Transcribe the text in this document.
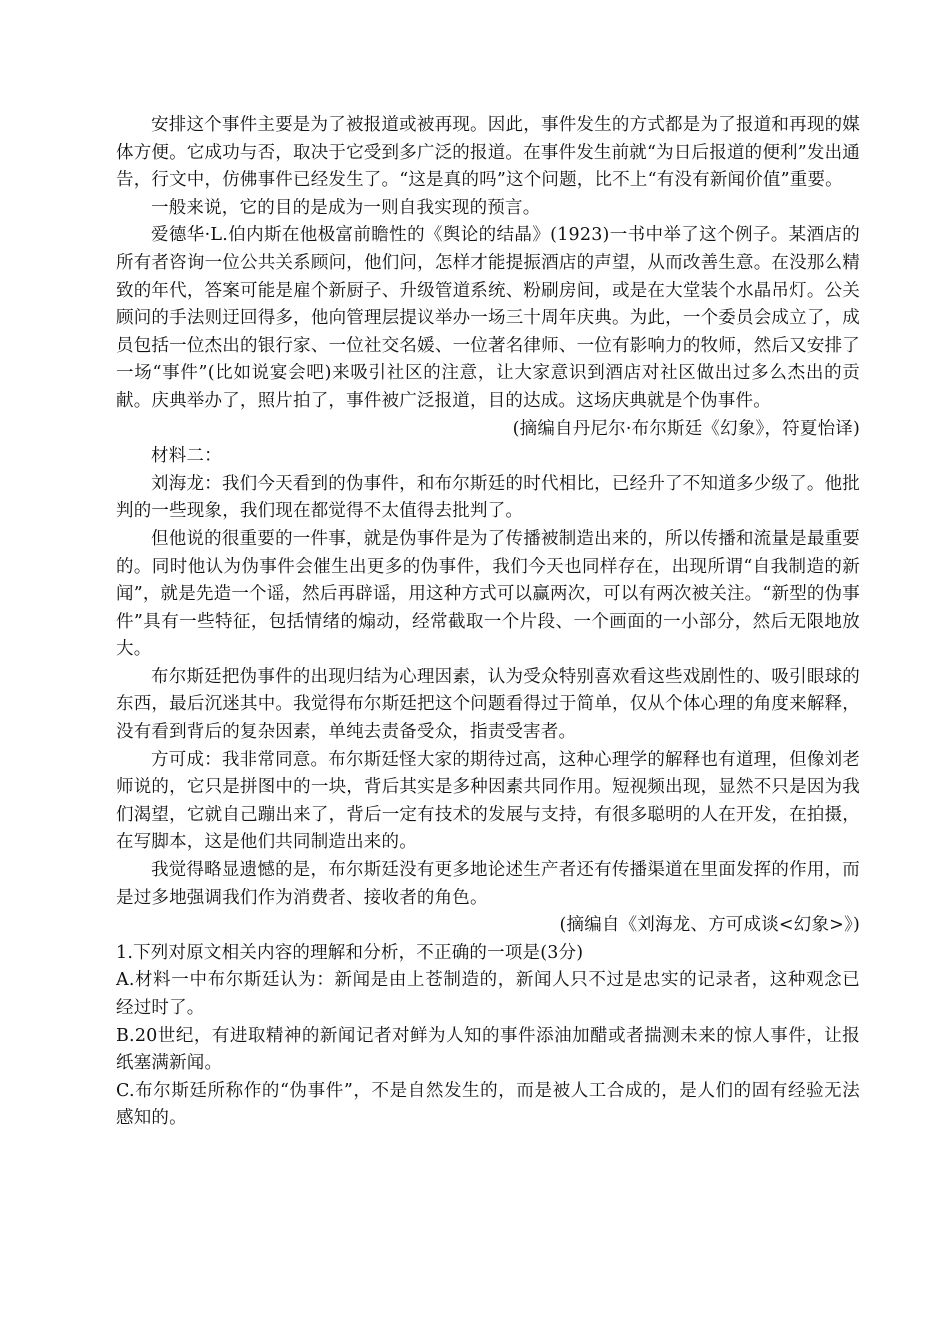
安排这个事件主要是为了被报道或被再现。因此，事件发生的方式都是为了报道和再现的媒体方便。它成功与否，取决于它受到多广泛的报道。在事件发生前就“为日后报道的便利”发出通告，行文中，仿佛事件已经发生了。“这是真的吗”这个问题，比不上“有没有新闻价值”重要。

一般来说，它的目的是成为一则自我实现的预言。

爱德华·L.伯内斯在他极富前瞻性的《舆论的结晶》(1923)一书中举了这个例子。某酒店的所有者咨询一位公共关系顾问，他们问，怎样才能提振酒店的声望，从而改善生意。在没那么精致的年代，答案可能是雇个新厨子、升级管道系统、粉刷房间，或是在大堂装个水晶吊灯。公关顾问的手法则迂回得多，他向管理层提议举办一场三十周年庆典。为此，一个委员会成立了，成员包括一位杰出的银行家、一位社交名媛、一位著名律师、一位有影响力的牧师，然后又安排了一场“事件”(比如说宴会吧)来吸引社区的注意，让大家意识到酒店对社区做出过多么杰出的贡献。庆典举办了，照片拍了，事件被广泛报道，目的达成。这场庆典就是个伪事件。

(摘编自丹尼尔·布尔斯廷《幻象》，符夏怡译)

材料二：

刘海龙：我们今天看到的伪事件，和布尔斯廷的时代相比，已经升了不知道多少级了。他批判的一些现象，我们现在都觉得不太值得去批判了。

但他说的很重要的一件事，就是伪事件是为了传播被制造出来的，所以传播和流量是最重要的。同时他认为伪事件会催生出更多的伪事件，我们今天也同样存在，出现所谓“自我制造的新闻”，就是先造一个谣，然后再辟谣，用这种方式可以赢两次，可以有两次被关注。“新型的伪事件”具有一些特征，包括情绪的煽动，经常截取一个片段、一个画面的一小部分，然后无限地放大。

布尔斯廷把伪事件的出现归结为心理因素，认为受众特别喜欢看这些戏剧性的、吸引眼球的东西，最后沉迷其中。我觉得布尔斯廷把这个问题看得过于简单，仅从个体心理的角度来解释，没有看到背后的复杂因素，单纯去责备受众，指责受害者。

方可成：我非常同意。布尔斯廷怪大家的期待过高，这种心理学的解释也有道理，但像刘老师说的，它只是拼图中的一块，背后其实是多种因素共同作用。短视频出现，显然不只是因为我们渴望，它就自己蹦出来了，背后一定有技术的发展与支持，有很多聪明的人在开发，在拍摄，在写脚本，这是他们共同制造出来的。

我觉得略显遗憾的是，布尔斯廷没有更多地论述生产者还有传播渠道在里面发挥的作用，而是过多地强调我们作为消费者、接收者的角色。

(摘编自《刘海龙、方可成谈<幻象>》)

1.下列对原文相关内容的理解和分析，不正确的一项是(3分)

A.材料一中布尔斯廷认为：新闻是由上苍制造的，新闻人只不过是忠实的记录者，这种观念已经过时了。

B.20世纪，有进取精神的新闻记者对鲜为人知的事件添油加醋或者揣测未来的惊人事件，让报纸塞满新闻。

C.布尔斯廷所称作的“伪事件”，不是自然发生的，而是被人工合成的，是人们的固有经验无法感知的。
